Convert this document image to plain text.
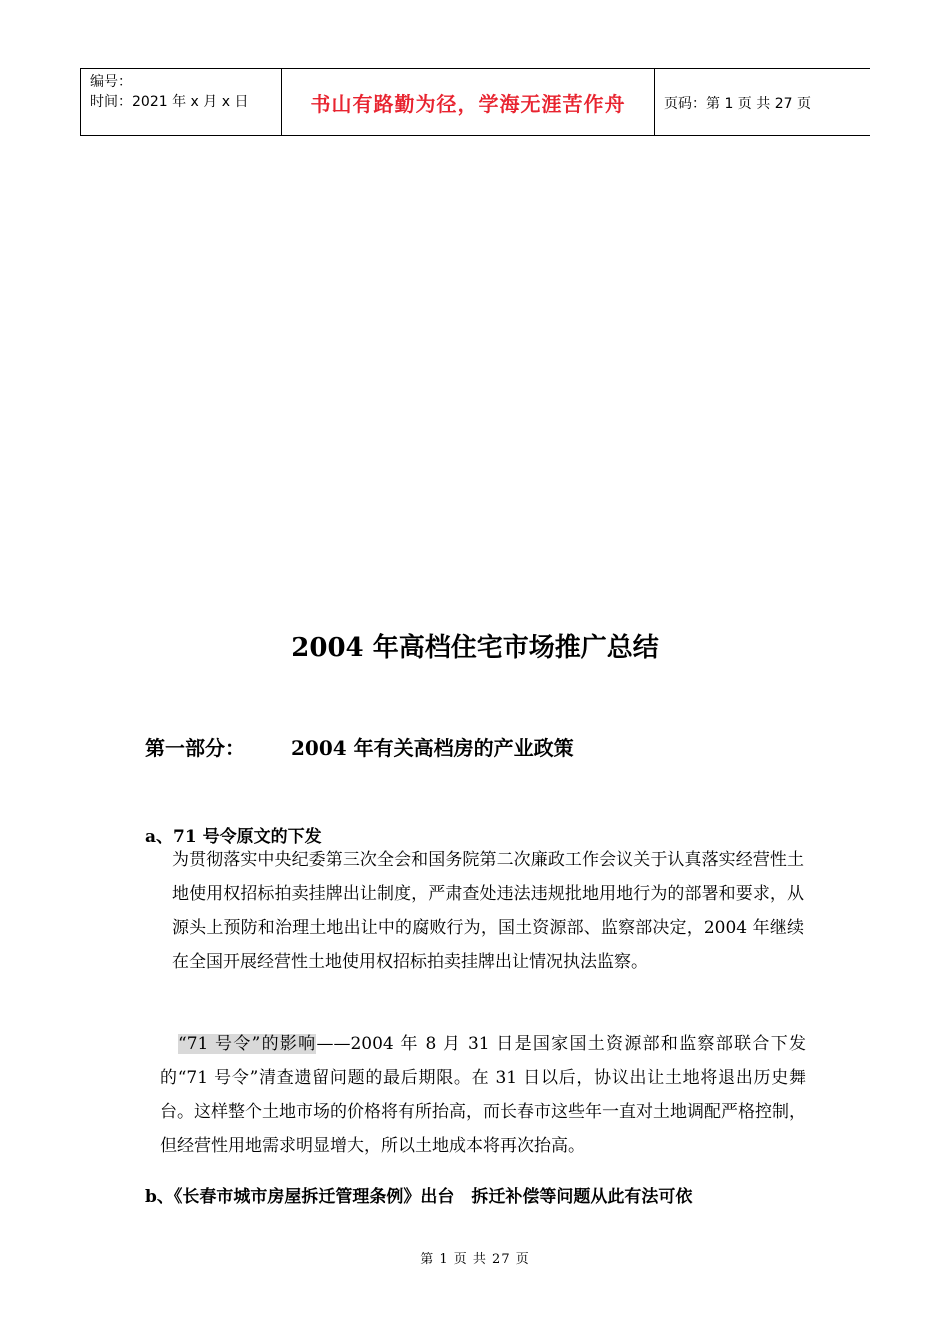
编号：
时间：2021 年 x 月 x 日	书山有路勤为径，学海无涯苦作舟	页码：第 1 页 共 27 页
2004 年高档住宅市场推广总结
第一部分： 2004 年有关高档房的产业政策
a、71 号令原文的下发
为贯彻落实中央纪委第三次全会和国务院第二次廉政工作会议关于认真落实经营性土地使用权招标拍卖挂牌出让制度，严肃查处违法违规批地用地行为的部署和要求，从源头上预防和治理土地出让中的腐败行为，国土资源部、监察部决定，2004 年继续在全国开展经营性土地使用权招标拍卖挂牌出让情况执法监察。
“71 号令”的影响——2004 年 8 月 31 日是国家国土资源部和监察部联合下发的“71 号令”清查遗留问题的最后期限。在 31 日以后，协议出让土地将退出历史舞台。这样整个土地市场的价格将有所抬高，而长春市这些年一直对土地调配严格控制，但经营性用地需求明显增大，所以土地成本将再次抬高。
b、《长春市城市房屋拆迁管理条例》出台　拆迁补偿等问题从此有法可依
第 1 页 共 27 页
